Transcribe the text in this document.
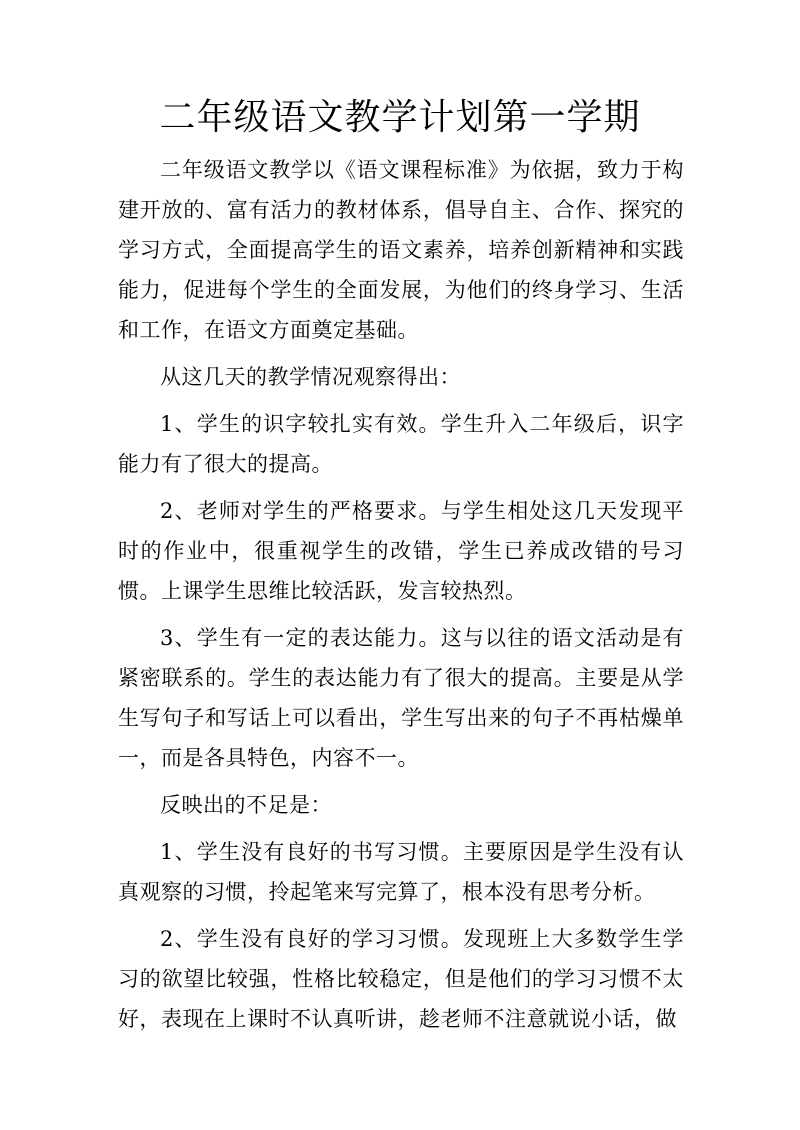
二年级语文教学计划第一学期

二年级语文教学以《语文课程标准》为依据，致力于构建开放的、富有活力的教材体系，倡导自主、合作、探究的学习方式，全面提高学生的语文素养，培养创新精神和实践能力，促进每个学生的全面发展，为他们的终身学习、生活和工作，在语文方面奠定基础。

从这几天的教学情况观察得出：

1、学生的识字较扎实有效。学生升入二年级后，识字能力有了很大的提高。

2、老师对学生的严格要求。与学生相处这几天发现平时的作业中，很重视学生的改错，学生已养成改错的号习惯。上课学生思维比较活跃，发言较热烈。

3、学生有一定的表达能力。这与以往的语文活动是有紧密联系的。学生的表达能力有了很大的提高。主要是从学生写句子和写话上可以看出，学生写出来的句子不再枯燥单一，而是各具特色，内容不一。

反映出的不足是：

1、学生没有良好的书写习惯。主要原因是学生没有认真观察的习惯，拎起笔来写完算了，根本没有思考分析。

2、学生没有良好的学习习惯。发现班上大多数学生学习的欲望比较强，性格比较稳定，但是他们的学习习惯不太好，表现在上课时不认真听讲，趁老师不注意就说小话，做
